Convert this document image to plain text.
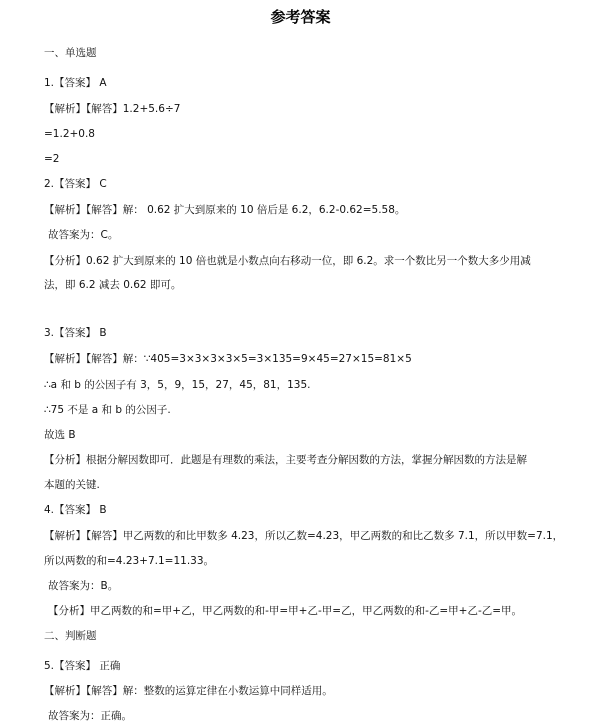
参考答案
一、单选题
1.【答案】 A
【解析】【解答】1.2+5.6÷7
=1.2+0.8
=2
2.【答案】 C
【解析】【解答】解： 0.62 扩大到原来的 10 倍后是 6.2，6.2-0.62=5.58。
故答案为：C。
【分析】0.62 扩大到原来的 10 倍也就是小数点向右移动一位，即 6.2。求一个数比另一个数大多少用减
法，即 6.2 减去 0.62 即可。
3.【答案】 B
【解析】【解答】解：∵405=3×3×3×3×5=3×135=9×45=27×15=81×5
∴a 和 b 的公因子有 3，5，9，15，27，45，81，135.
∴75 不是 a 和 b 的公因子.
故选 B
【分析】根据分解因数即可．此题是有理数的乘法，主要考查分解因数的方法，掌握分解因数的方法是解
本题的关键.
4.【答案】 B
【解析】【解答】甲乙两数的和比甲数多 4.23，所以乙数=4.23，甲乙两数的和比乙数多 7.1，所以甲数=7.1，
所以两数的和=4.23+7.1=11.33。
故答案为：B。
【分析】甲乙两数的和=甲+乙，甲乙两数的和-甲=甲+乙-甲=乙，甲乙两数的和-乙=甲+乙-乙=甲。
二、判断题
5.【答案】 正确
【解析】【解答】解：整数的运算定律在小数运算中同样适用。
故答案为：正确。
